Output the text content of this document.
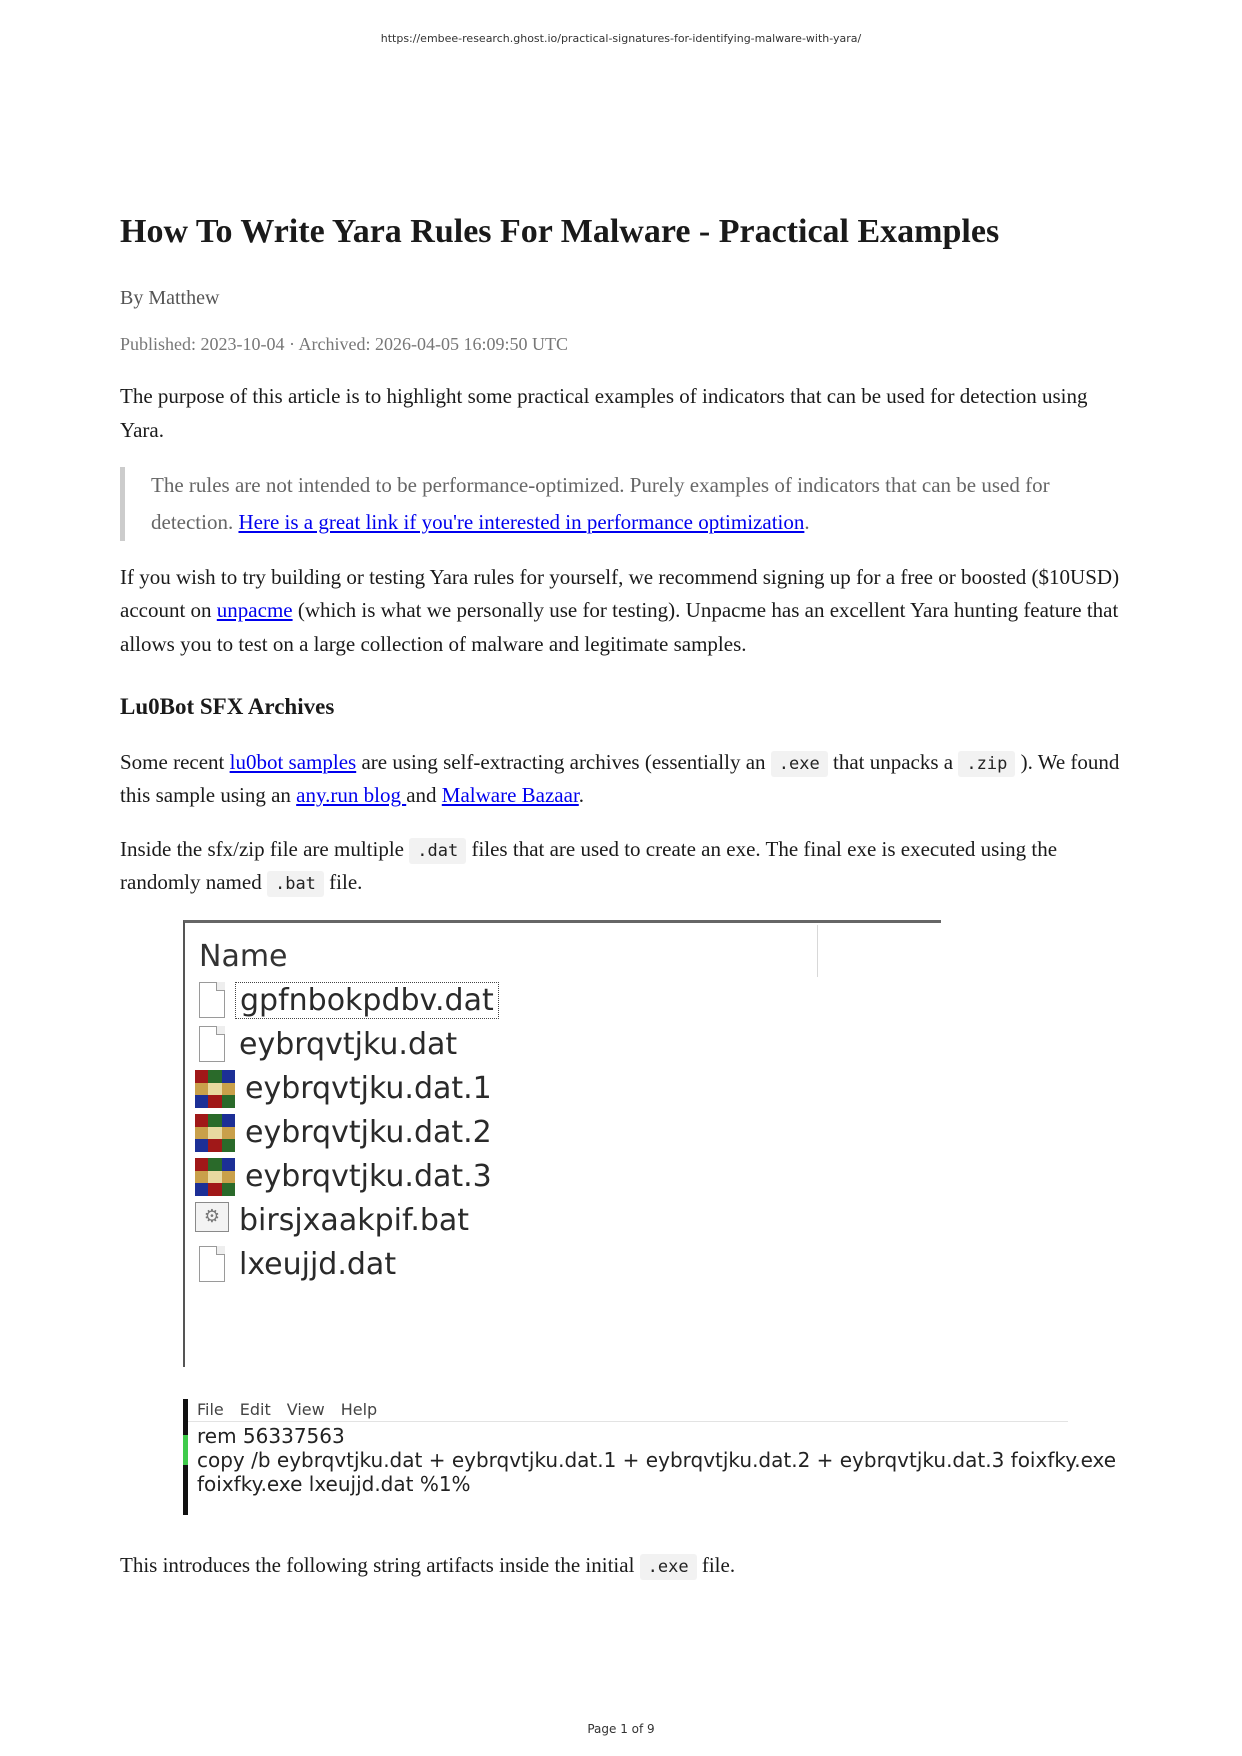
https://embee-research.ghost.io/practical-signatures-for-identifying-malware-with-yara/
How To Write Yara Rules For Malware - Practical Examples
By Matthew
Published: 2023-10-04 · Archived: 2026-04-05 16:09:50 UTC

The purpose of this article is to highlight some practical examples of indicators that can be used for detection using Yara.

The rules are not intended to be performance-optimized. Purely examples of indicators that can be used for detection. Here is a great link if you're interested in performance optimization.

If you wish to try building or testing Yara rules for yourself, we recommend signing up for a free or boosted ($10USD) account on unpacme (which is what we personally use for testing). Unpacme has an excellent Yara hunting feature that allows you to test on a large collection of malware and legitimate samples.

Lu0Bot SFX Archives

Some recent lu0bot samples are using self-extracting archives (essentially an .exe that unpacks a .zip ). We found this sample using an any.run blog and Malware Bazaar.

Inside the sfx/zip file are multiple .dat files that are used to create an exe. The final exe is executed using the randomly named .bat file.

Name
gpfnbokpdbv.dat
eybrqvtjku.dat
eybrqvtjku.dat.1
eybrqvtjku.dat.2
eybrqvtjku.dat.3
⚙ birsjxaakpif.bat
lxeujjd.dat
File Edit View Help
rem 56337563
copy /b eybrqvtjku.dat + eybrqvtjku.dat.1 + eybrqvtjku.dat.2 + eybrqvtjku.dat.3 foixfky.exe
foixfky.exe lxeujjd.dat %1%

This introduces the following string artifacts inside the initial .exe file.

Page 1 of 9
